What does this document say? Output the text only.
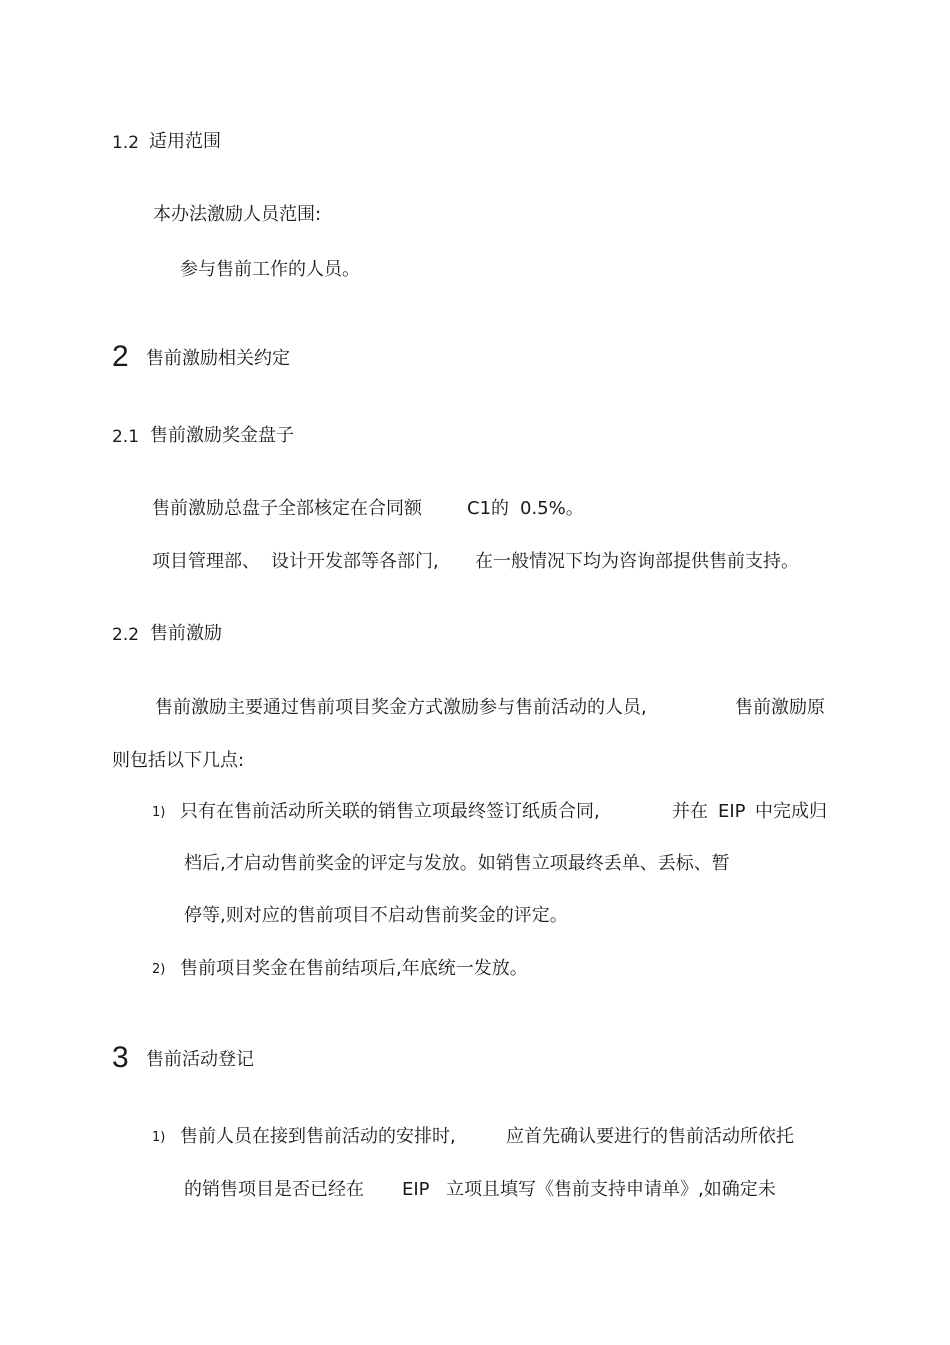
1.2 适用范围
本办法激励人员范围:
参与售前工作的人员。
2 售前激励相关约定
2.1 售前激励奖金盘子
售前激励总盘子全部核定在合同额	C1的 0.5%。
项目管理部、 设计开发部等各部门, 在一般情况下均为咨询部提供售前支持。
2.2 售前激励
售前激励主要通过售前项目奖金方式激励参与售前活动的人员,	售前激励原
则包括以下几点:
1) 只有在售前活动所关联的销售立项最终签订纸质合同,	并在 EIP 中完成归
档后,才启动售前奖金的评定与发放。如销售立项最终丢单、丢标、暂
停等,则对应的售前项目不启动售前奖金的评定。
2) 售前项目奖金在售前结项后,年底统一发放。
3 售前活动登记
1) 售前人员在接到售前活动的安排时,	应首先确认要进行的售前活动所依托
的销售项目是否已经在 EIP 立项且填写《售前支持申请单》,如确定未
